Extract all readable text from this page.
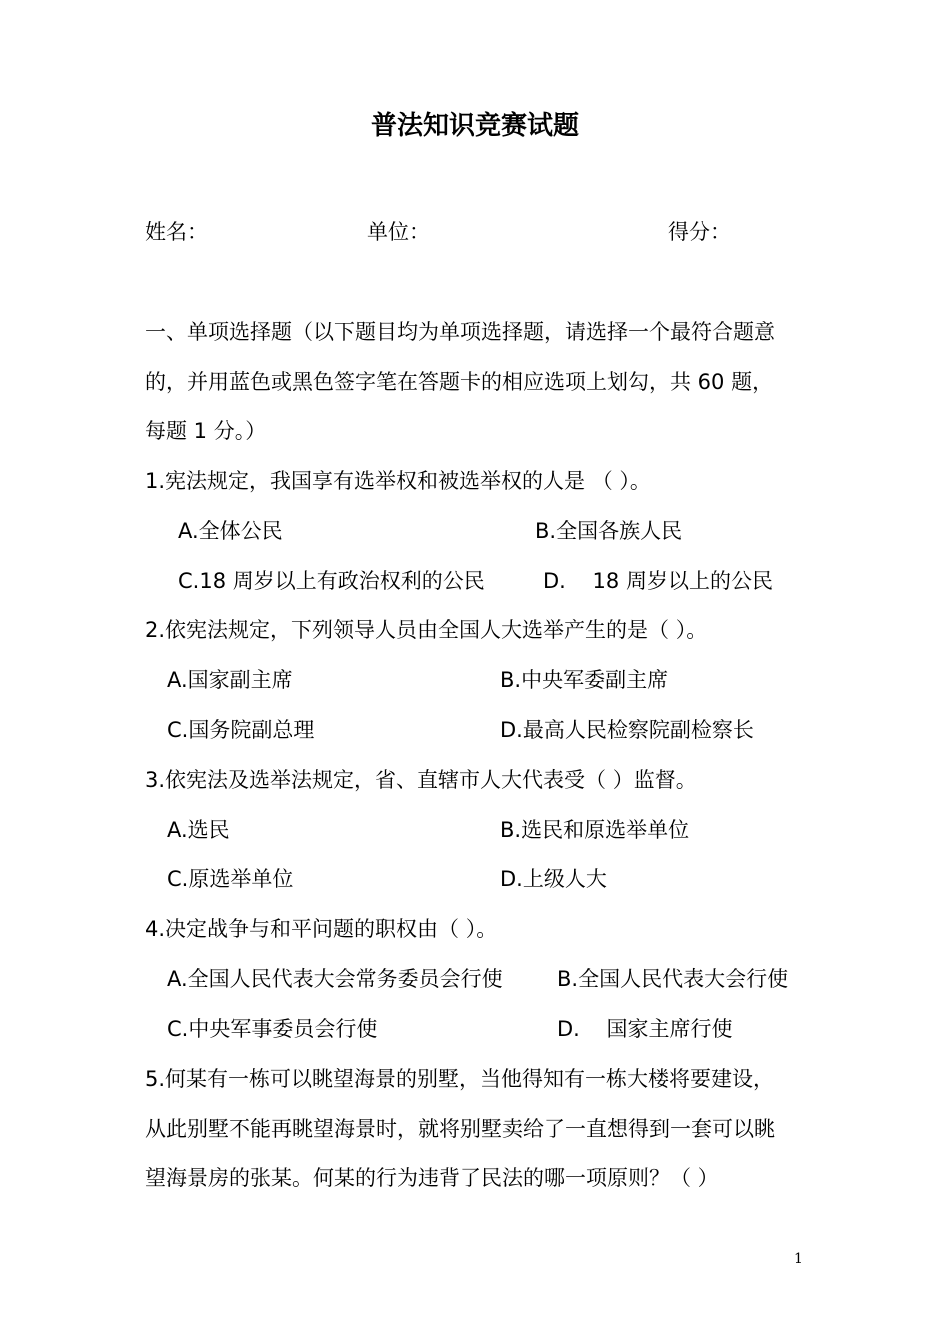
普法知识竞赛试题
姓名：	单位：	得分：
一、单项选择题（以下题目均为单项选择题，请选择一个最符合题意
的，并用蓝色或黑色签字笔在答题卡的相应选项上划勾，共 60 题，
每题 1 分。）
1.宪法规定，我国享有选举权和被选举权的人是 （ ）。
A.全体公民	B.全国各族人民
C.18 周岁以上有政治权利的公民	D.    18 周岁以上的公民
2.依宪法规定，下列领导人员由全国人大选举产生的是（ ）。
A.国家副主席	B.中央军委副主席
C.国务院副总理	D.最高人民检察院副检察长
3.依宪法及选举法规定，省、直辖市人大代表受（ ）监督。
A.选民	B.选民和原选举单位
C.原选举单位	D.上级人大
4.决定战争与和平问题的职权由（ ）。
A.全国人民代表大会常务委员会行使	B.全国人民代表大会行使
C.中央军事委员会行使	D.    国家主席行使
5.何某有一栋可以眺望海景的别墅，当他得知有一栋大楼将要建设，
从此别墅不能再眺望海景时，就将别墅卖给了一直想得到一套可以眺
望海景房的张某。何某的行为违背了民法的哪一项原则？（ ）
1
